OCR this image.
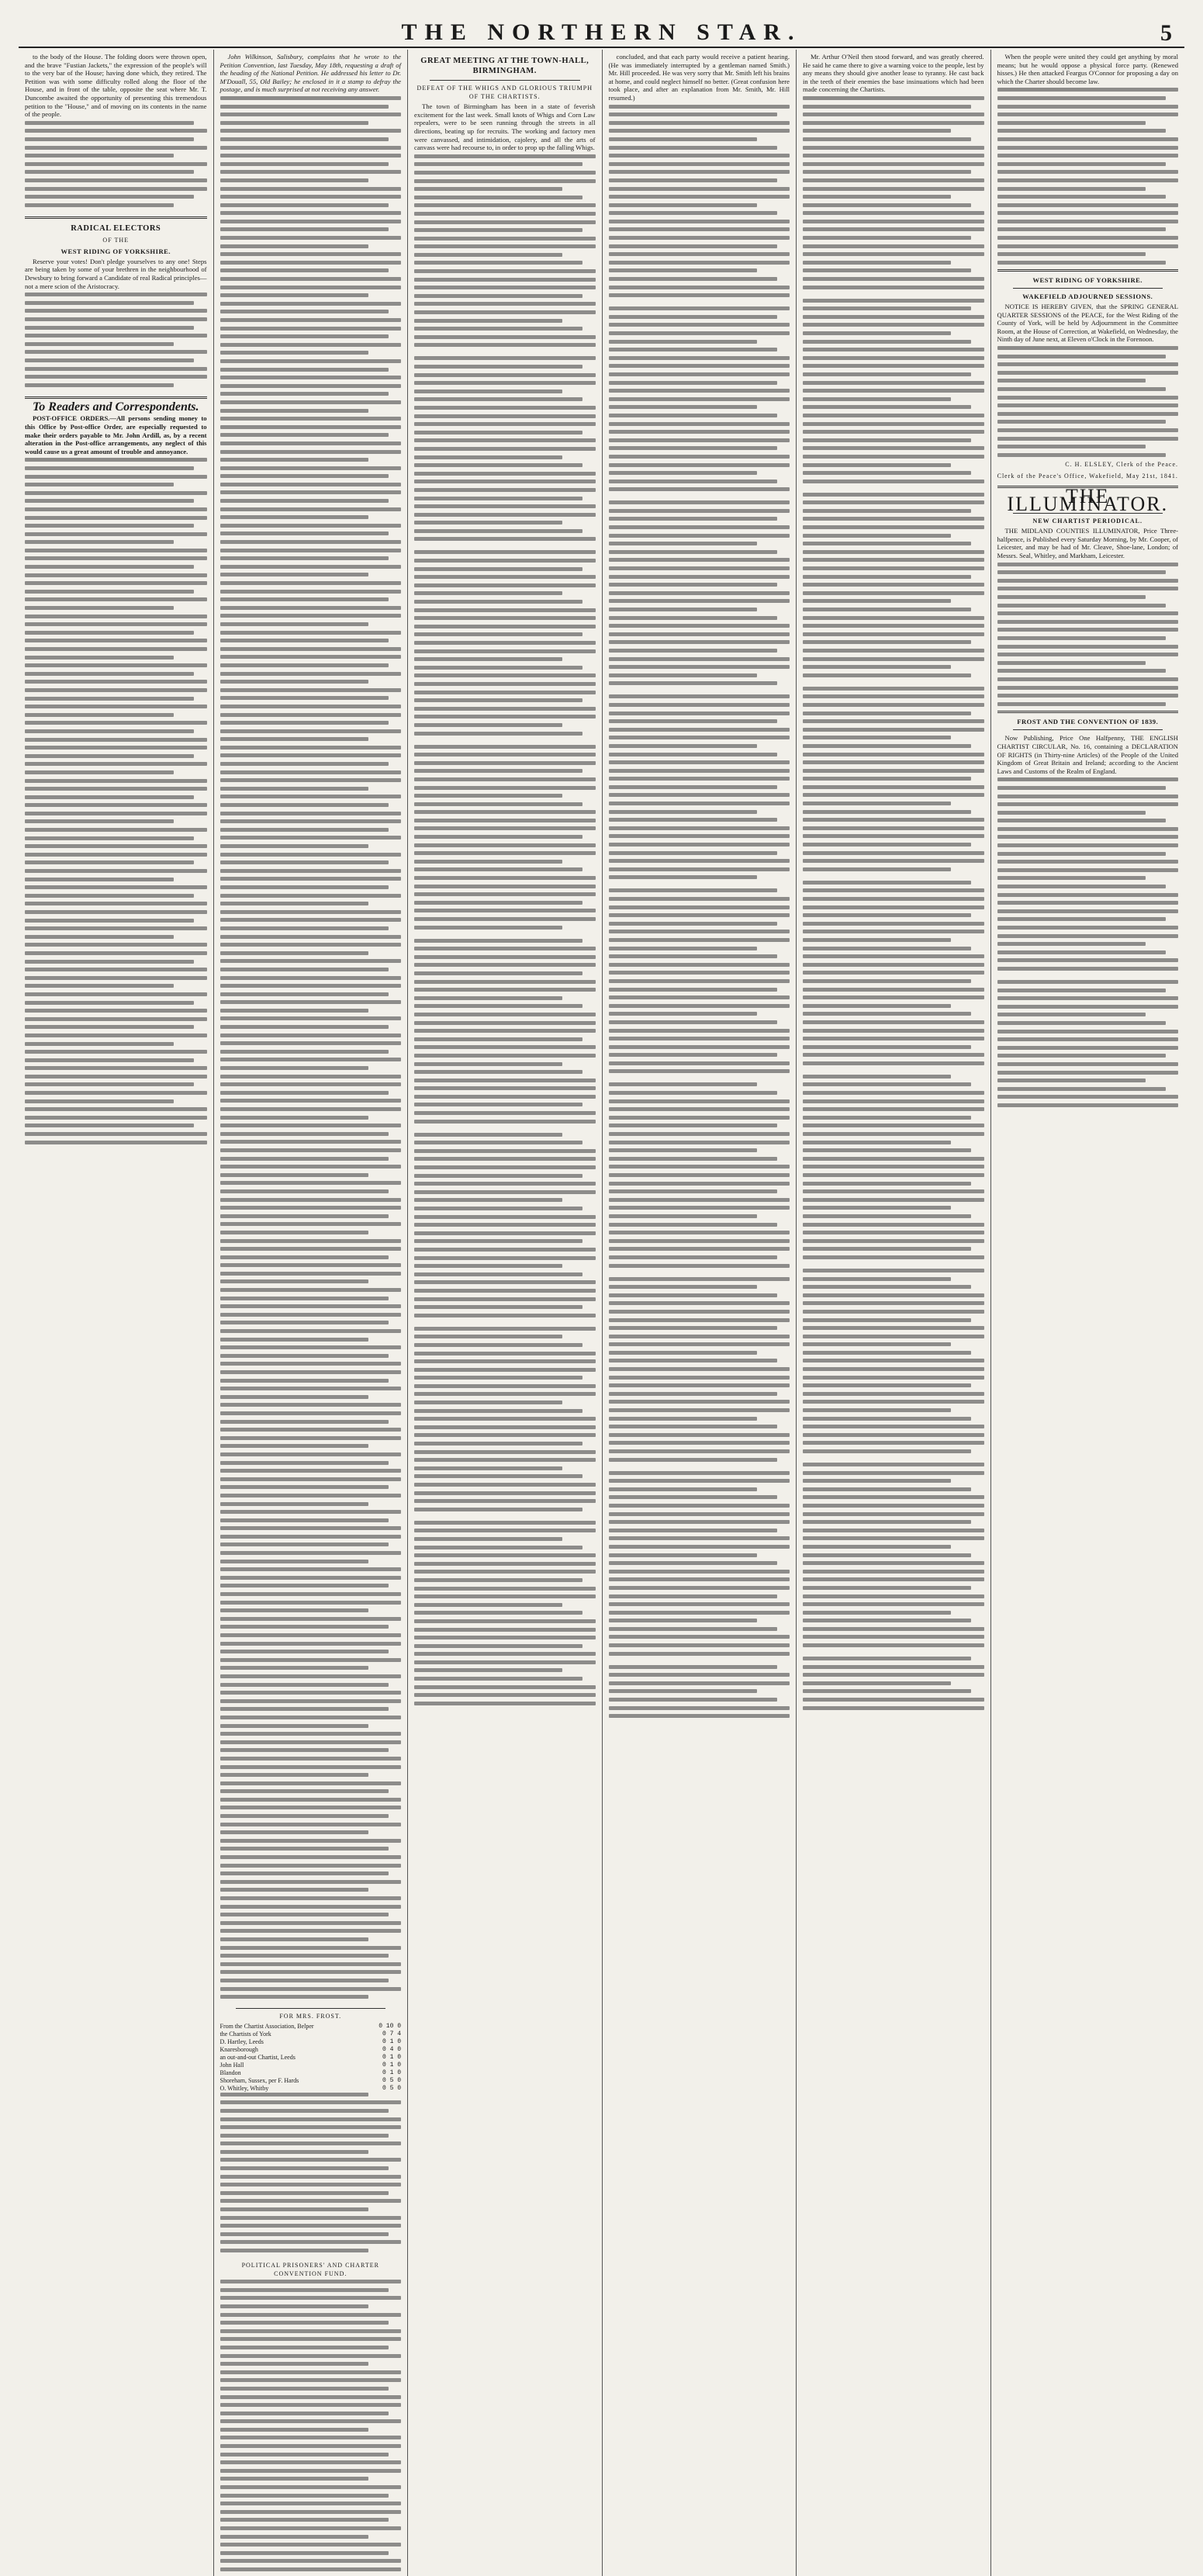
THE NORTHERN STAR.	5

to the body of the House. The folding doors were thrown open, and the brave "Fustian Jackets," the expression of the people's will to the very bar of the House; having done which, they retired. The Petition was with some difficulty rolled along the floor of the House, and in front of the table, opposite the seat where Mr. T. Duncombe awaited the opportunity of presenting this tremendous petition to the "House," and of moving on its contents in the name of the people.

RADICAL ELECTORS
OF THE
WEST RIDING OF YORKSHIRE.

Reserve your votes! Don't pledge yourselves to any one! Steps are being taken by some of your brethren in the neighbourhood of Dewsbury to bring forward a Candidate of real Radical principles—not a mere scion of the Aristocracy.

To Readers and Correspondents.

POST-OFFICE ORDERS.—All persons sending money to this Office by Post-office Order, are especially requested to make their orders payable to Mr. John Ardill, as, by a recent alteration in the Post-office arrangements, any neglect of this would cause us a great amount of trouble and annoyance.

John Wilkinson, Salisbury, complains that he wrote to the Petition Convention, last Tuesday, May 18th, requesting a draft of the heading of the National Petition. He addressed his letter to Dr. M'Douall, 55, Old Bailey; he enclosed in it a stamp to defray the postage, and is much surprised at not receiving any answer.

FOR MRS. FROST.
From the Chartist Association, Belper	0 10 0
the Chartists of York	0 7 4
D. Hartley, Leeds	0 1 0
Knaresborough	0 4 0
an out-and-out Chartist, Leeds	0 1 0
John Hall	0 1 0
Blandon	0 1 0
Shoreham, Sussex, per F. Hards	0 5 0
O. Whitley, Whitby	0 5 0
POLITICAL PRISONERS' AND CHARTER CONVENTION FUND.
GREAT MEETING AT THE TOWN-HALL, BIRMINGHAM.
DEFEAT OF THE WHIGS AND GLORIOUS TRIUMPH OF THE CHARTISTS.

The town of Birmingham has been in a state of feverish excitement for the last week. Small knots of Whigs and Corn Law repealers, were to be seen running through the streets in all directions, beating up for recruits. The working and factory men were canvassed, and intimidation, cajolery, and all the arts of canvass were had recourse to, in order to prop up the falling Whigs.

concluded, and that each party would receive a patient hearing. (He was immediately interrupted by a gentleman named Smith.) Mr. Hill proceeded. He was very sorry that Mr. Smith left his brains at home, and could neglect himself no better. (Great confusion here took place, and after an explanation from Mr. Smith, Mr. Hill resumed.)

Mr. Arthur O'Neil then stood forward, and was greatly cheered. He said he came there to give a warning voice to the people, lest by any means they should give another lease to tyranny. He cast back in the teeth of their enemies the base insinuations which had been made concerning the Chartists.

When the people were united they could get anything by moral means; but he would oppose a physical force party. (Renewed hisses.) He then attacked Feargus O'Connor for proposing a day on which the Charter should become law.

WEST RIDING OF YORKSHIRE.
WAKEFIELD ADJOURNED SESSIONS.

NOTICE IS HEREBY GIVEN, that the SPRING GENERAL QUARTER SESSIONS of the PEACE, for the West Riding of the County of York, will be held by Adjournment in the Committee Room, at the House of Correction, at Wakefield, on Wednesday, the Ninth day of June next, at Eleven o'Clock in the Forenoon.

C. H. ELSLEY, Clerk of the Peace.
Clerk of the Peace's Office, Wakefield, May 21st, 1841.
THE ILLUMINATOR.
NEW CHARTIST PERIODICAL.

THE MIDLAND COUNTIES ILLUMINATOR, Price Three-halfpence, is Published every Saturday Morning, by Mr. Cooper, of Leicester, and may be had of Mr. Cleave, Shoe-lane, London; of Messrs. Seal, Whitley, and Markham, Leicester.

FROST AND THE CONVENTION OF 1839.

Now Publishing, Price One Halfpenny, THE ENGLISH CHARTIST CIRCULAR, No. 16, containing a DECLARATION OF RIGHTS (in Thirty-nine Articles) of the People of the United Kingdom of Great Britain and Ireland; according to the Ancient Laws and Customs of the Realm of England.
